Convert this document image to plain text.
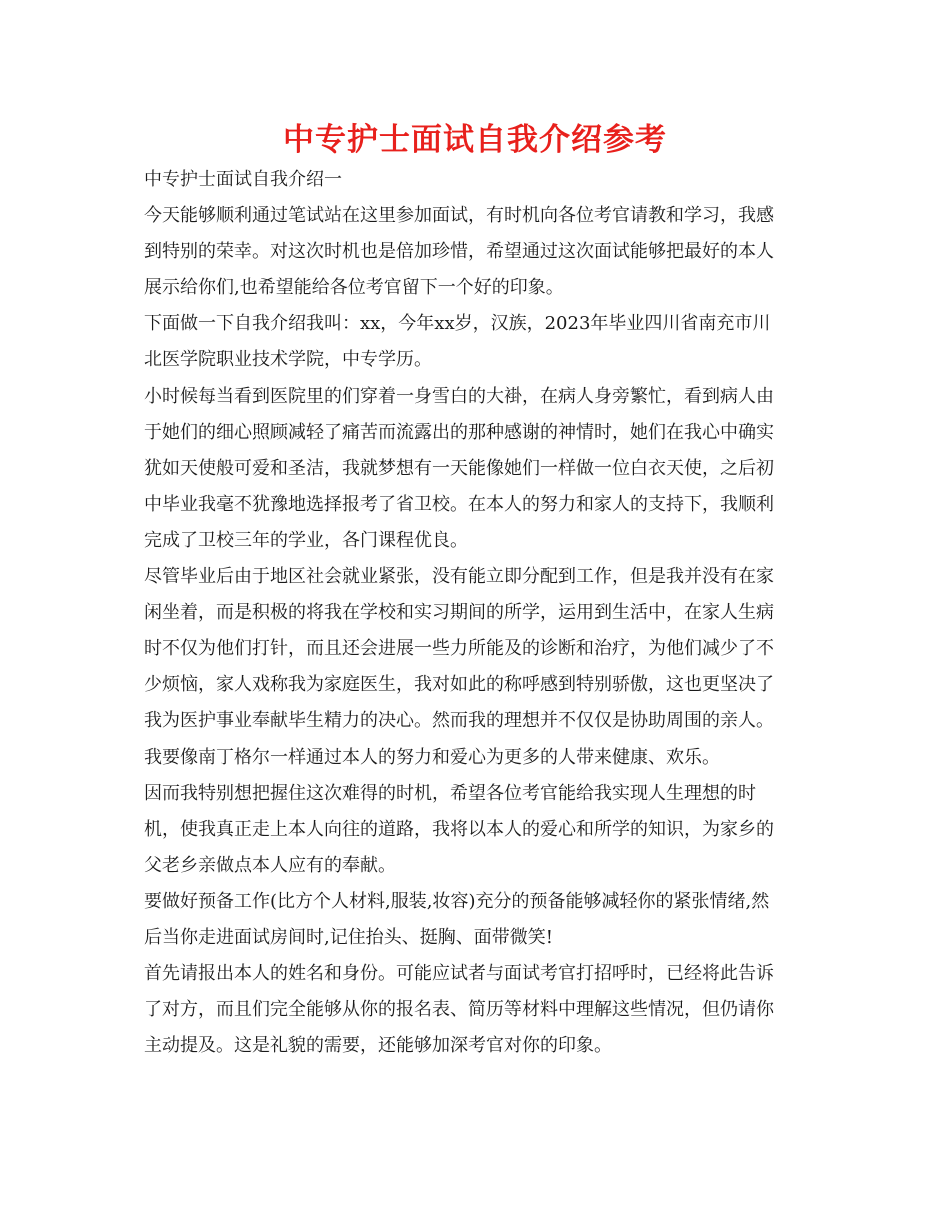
中专护士面试自我介绍参考
中专护士面试自我介绍一
今天能够顺利通过笔试站在这里参加面试，有时机向各位考官请教和学习，我感
到特别的荣幸。对这次时机也是倍加珍惜，希望通过这次面试能够把最好的本人
展示给你们,也希望能给各位考官留下一个好的印象。
下面做一下自我介绍我叫：xx，今年xx岁，汉族，2023年毕业四川省南充市川
北医学院职业技术学院，中专学历。
小时候每当看到医院里的们穿着一身雪白的大褂，在病人身旁繁忙，看到病人由
于她们的细心照顾减轻了痛苦而流露出的那种感谢的神情时，她们在我心中确实
犹如天使般可爱和圣洁，我就梦想有一天能像她们一样做一位白衣天使，之后初
中毕业我毫不犹豫地选择报考了省卫校。在本人的努力和家人的支持下，我顺利
完成了卫校三年的学业，各门课程优良。
尽管毕业后由于地区社会就业紧张，没有能立即分配到工作，但是我并没有在家
闲坐着，而是积极的将我在学校和实习期间的所学，运用到生活中，在家人生病
时不仅为他们打针，而且还会进展一些力所能及的诊断和治疗，为他们减少了不
少烦恼，家人戏称我为家庭医生，我对如此的称呼感到特别骄傲，这也更坚决了
我为医护事业奉献毕生精力的决心。然而我的理想并不仅仅是协助周围的亲人。
我要像南丁格尔一样通过本人的努力和爱心为更多的人带来健康、欢乐。
因而我特别想把握住这次难得的时机，希望各位考官能给我实现人生理想的时
机，使我真正走上本人向往的道路，我将以本人的爱心和所学的知识，为家乡的
父老乡亲做点本人应有的奉献。
要做好预备工作(比方个人材料,服装,妆容)充分的预备能够减轻你的紧张情绪,然
后当你走进面试房间时,记住抬头、挺胸、面带微笑!
首先请报出本人的姓名和身份。可能应试者与面试考官打招呼时，已经将此告诉
了对方，而且们完全能够从你的报名表、简历等材料中理解这些情况，但仍请你
主动提及。这是礼貌的需要，还能够加深考官对你的印象。
